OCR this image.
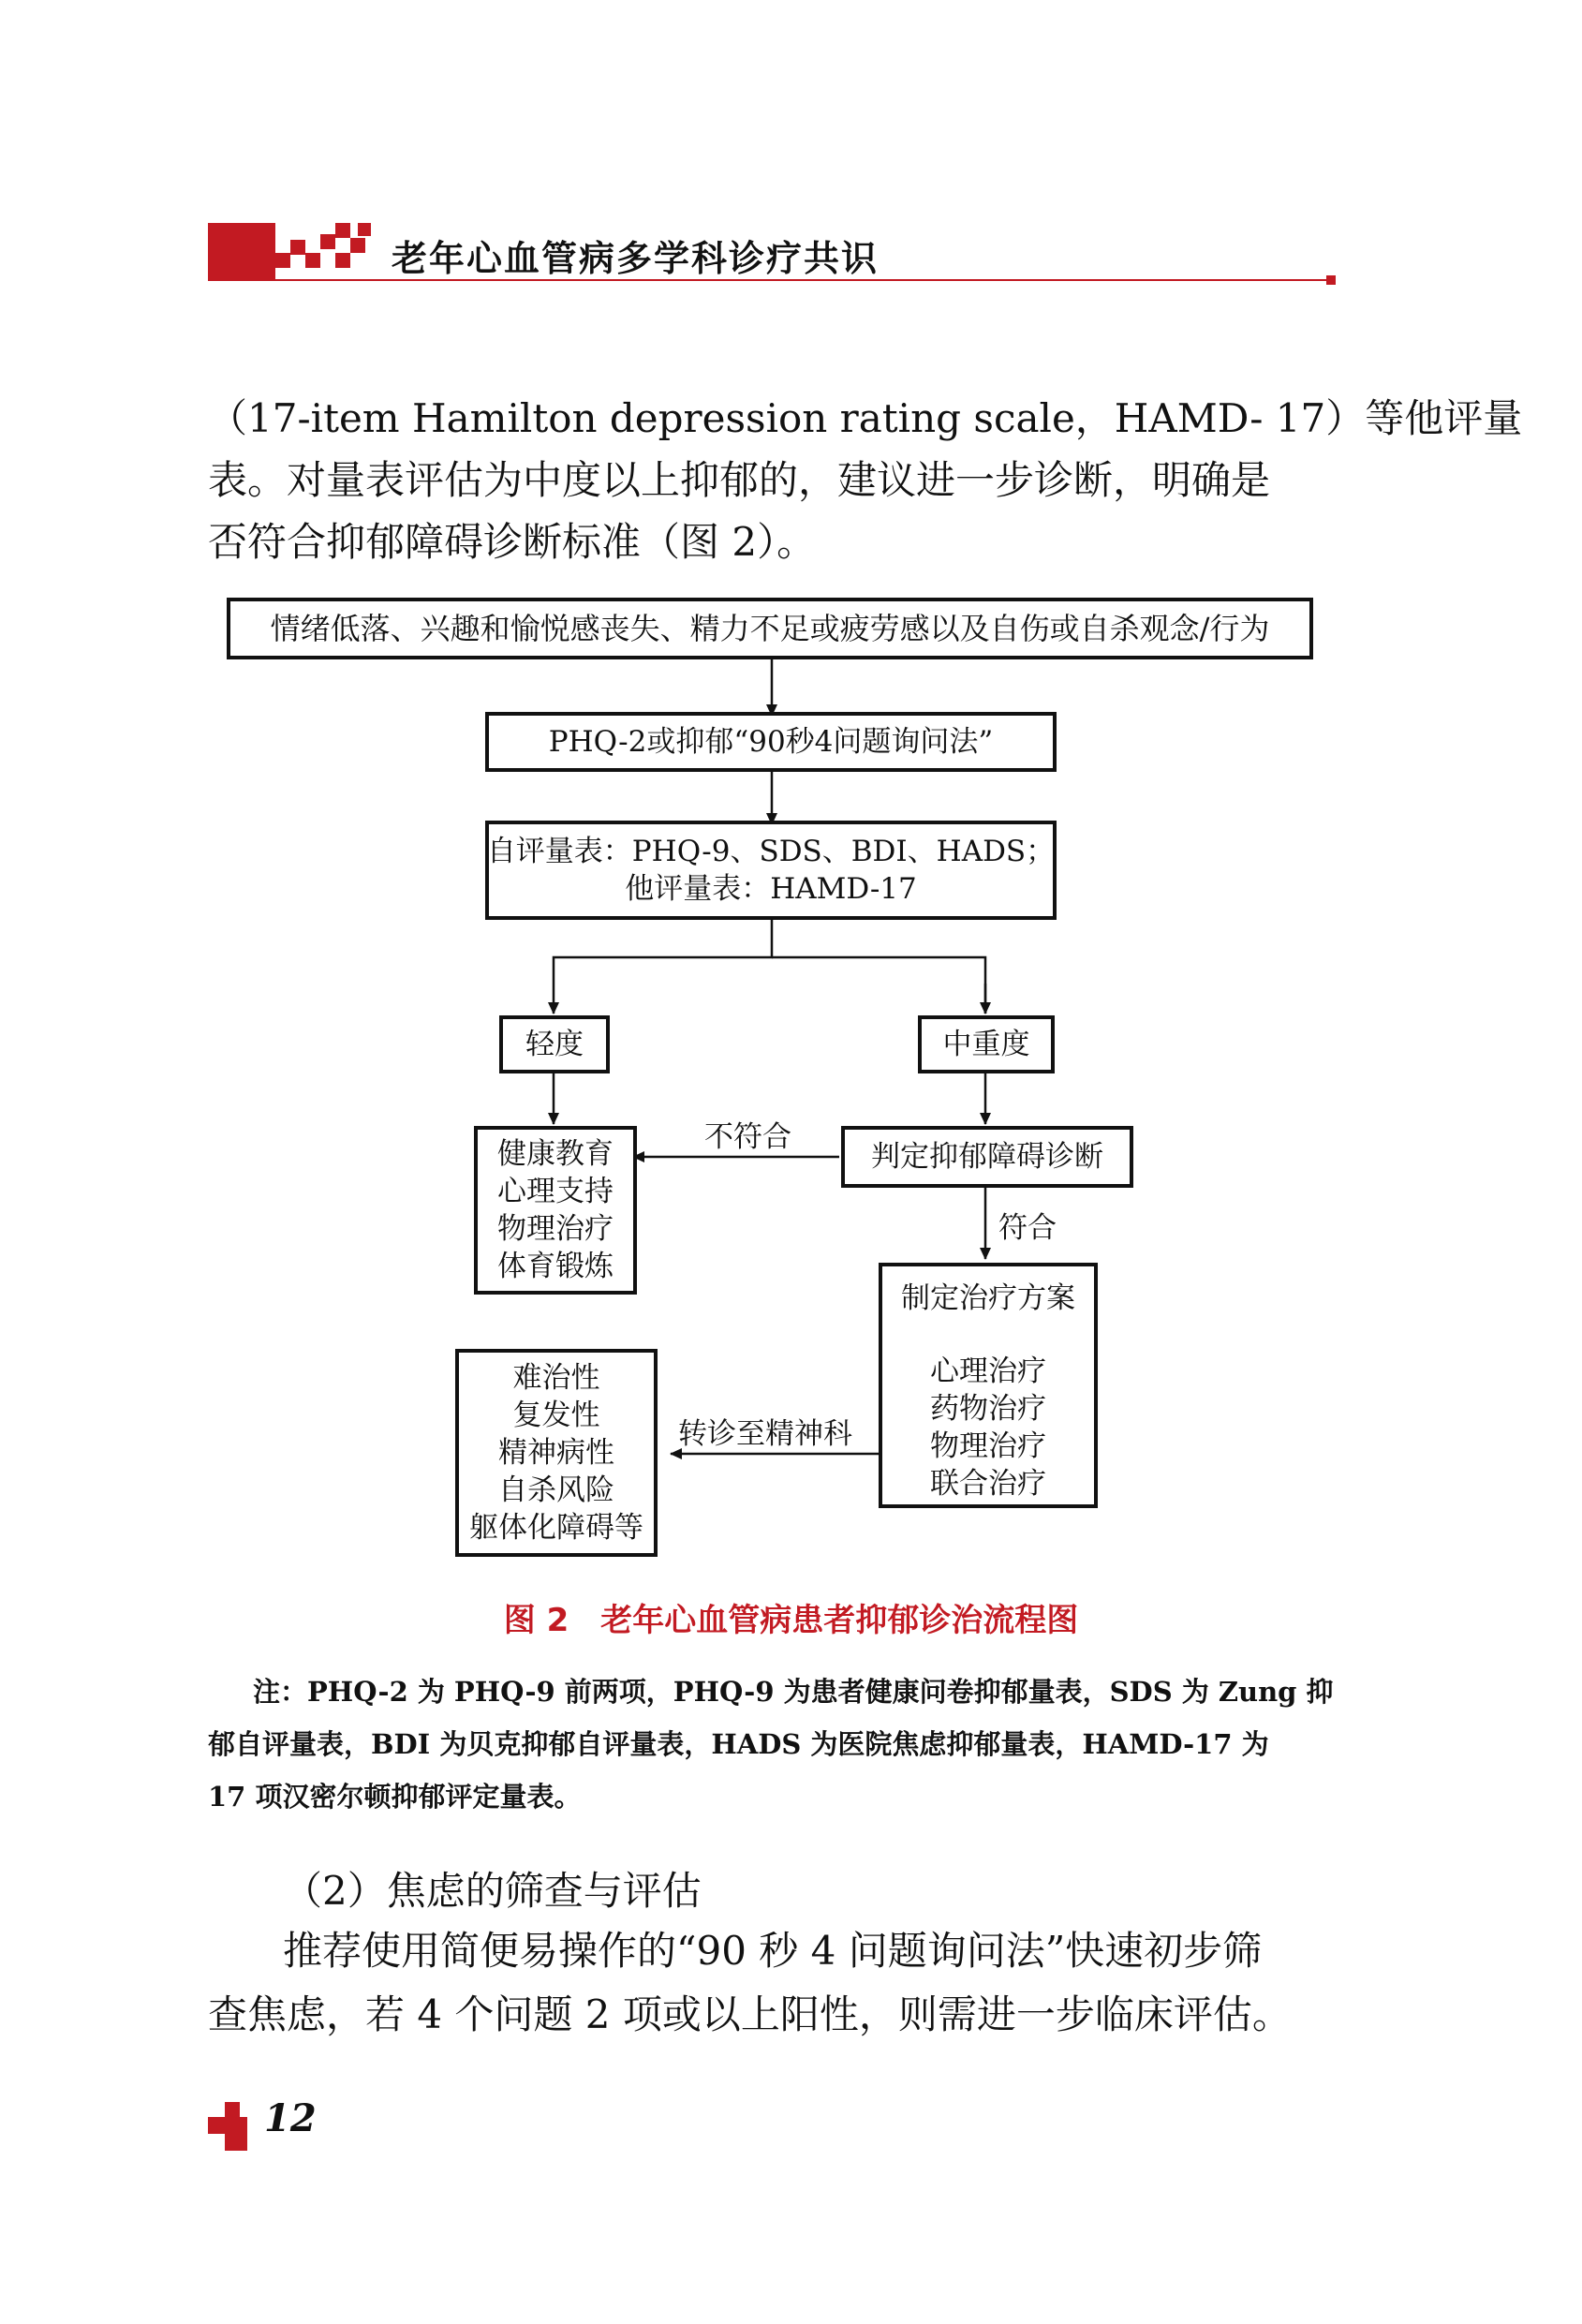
老年心血管病多学科诊疗共识
（17-item Hamilton depression rating scale，HAMD- 17）等他评量
表。对量表评估为中度以上抑郁的，建议进一步诊断，明确是
否符合抑郁障碍诊断标准（图 2）。
情绪低落、兴趣和愉悦感丧失、精力不足或疲劳感以及自伤或自杀观念/行为
PHQ-2或抑郁“90秒4问题询问法”
自评量表：PHQ-9、SDS、BDI、HADS；
他评量表：HAMD-17
轻度	中重度
健康教育
心理支持
物理治疗
体育锻炼
判定抑郁障碍诊断
不符合
符合
制定治疗方案
心理治疗
药物治疗
物理治疗
联合治疗
转诊至精神科
难治性
复发性
精神病性
自杀风险
躯体化障碍等
图 2　老年心血管病患者抑郁诊治流程图
注：PHQ-2 为 PHQ-9 前两项，PHQ-9 为患者健康问卷抑郁量表，SDS 为 Zung 抑
郁自评量表，BDI 为贝克抑郁自评量表，HADS 为医院焦虑抑郁量表，HAMD-17 为
17 项汉密尔顿抑郁评定量表。
（2）焦虑的筛查与评估
推荐使用简便易操作的“90 秒 4 问题询问法”快速初步筛
查焦虑，若 4 个问题 2 项或以上阳性，则需进一步临床评估。
12
